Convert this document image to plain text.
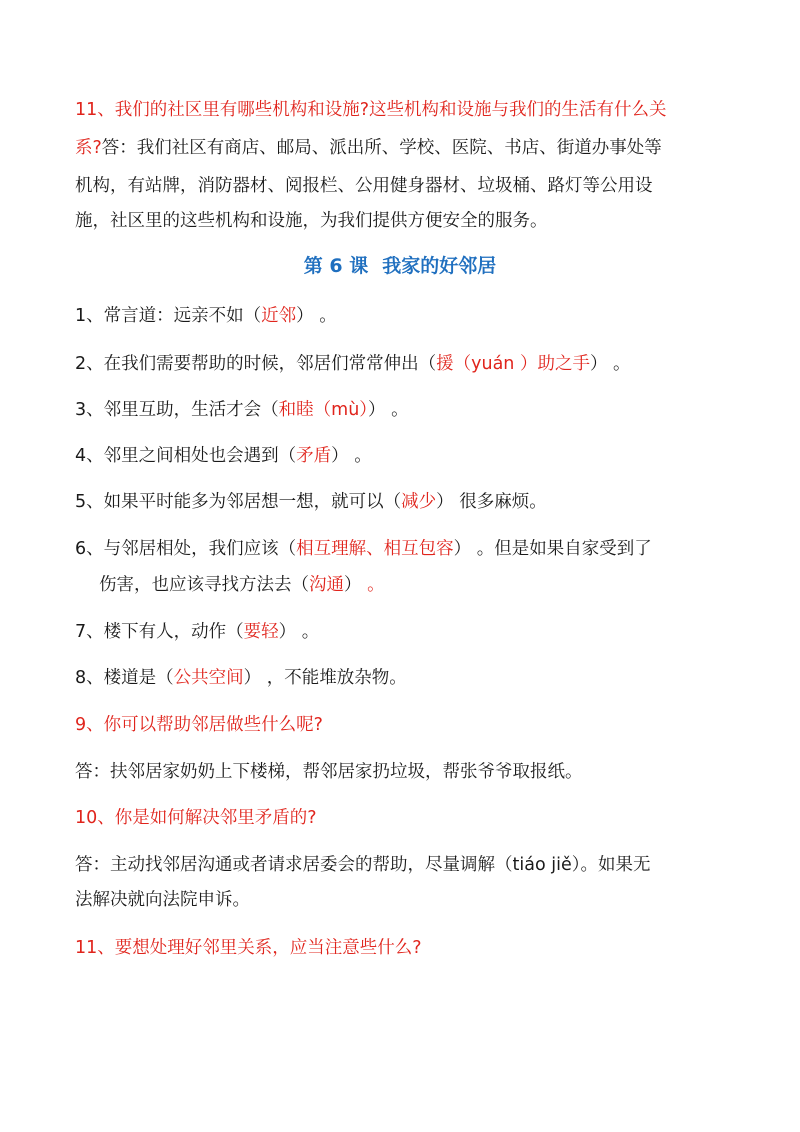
11、我们的社区里有哪些机构和设施?这些机构和设施与我们的生活有什么关
系?答：我们社区有商店、邮局、派出所、学校、医院、书店、街道办事处等
机构，有站牌，消防器材、阅报栏、公用健身器材、垃圾桶、路灯等公用设
施，社区里的这些机构和设施，为我们提供方便安全的服务。
第 6 课 我家的好邻居
1、常言道：远亲不如（近邻） 。
2、在我们需要帮助的时候，邻居们常常伸出（援（yuán ）助之手） 。
3、邻里互助，生活才会（和睦（mù）） 。
4、邻里之间相处也会遇到（矛盾） 。
5、如果平时能多为邻居想一想，就可以（减少） 很多麻烦。
6、与邻居相处，我们应该（相互理解、相互包容） 。但是如果自家受到了
伤害，也应该寻找方法去（沟通） 。
7、楼下有人，动作（要轻） 。
8、楼道是（公共空间） ，不能堆放杂物。
9、你可以帮助邻居做些什么呢?
答：扶邻居家奶奶上下楼梯，帮邻居家扔垃圾，帮张爷爷取报纸。
10、你是如何解决邻里矛盾的?
答：主动找邻居沟通或者请求居委会的帮助，尽量调解（tiáo jiě）。如果无
法解决就向法院申诉。
11、要想处理好邻里关系，应当注意些什么?
